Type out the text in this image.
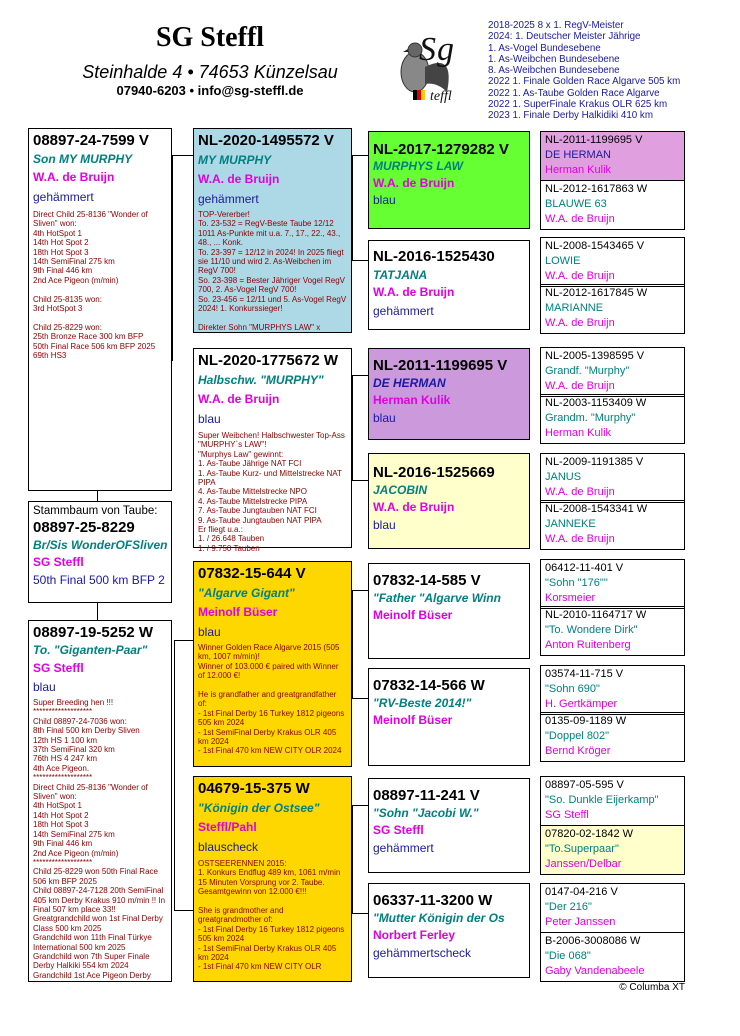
SG Steffl
Steinhalde 4 • 74653 Künzelsau
07940-6203 • info@sg-steffl.de
g
S
teffl
2018-2025 8 x 1. RegV-Meister
2024: 1. Deutscher Meister Jährige
1. As-Vogel Bundesebene
1. As-Weibchen Bundesebene
8. As-Weibchen Bundesebene
2022 1. Finale Golden Race Algarve 505 km
2022 1. As-Taube Golden Race Algarve
2022 1. SuperFinale Krakus OLR 625 km
2023 1. Finale Derby Halkidiki 410 km
08897-24-7599 V
Son MY MURPHY
W.A. de Bruijn
gehämmert
Direct Child 25-8136 "Wonder of Sliven" won:
4th HotSpot 1
14th Hot Spot 2
18th Hot Spot 3
14th SemiFinal 275 km
9th Final 446 km
2nd Ace Pigeon (m/min)

Child 25-8135 won:
3rd HotSpot 3

Child 25-8229 won:
25th Bronze Race 300 km BFP
50th Final Race 506 km BFP 2025
69th HS3
Stammbaum von Taube:
08897-25-8229
Br/Sis WonderOFSliven
SG Steffl
50th Final 500 km BFP 2
08897-19-5252 W
To. "Giganten-Paar"
SG Steffl
blau
Super Breeding hen !!!
*******************
Child 08897-24-7036 won:
8th Final 500 km Derby Sliven
12th HS 1 100 km
37th SemiFinal 320 km
76th HS 4 247 km
4th Ace Pigeon.
*******************
Direct Child 25-8136 "Wonder of Sliven" won:
4th HotSpot 1
14th Hot Spot 2
18th Hot Spot 3
14th SemiFinal 275 km
9th Final 446 km
2nd Ace Pigeon (m/min)
*******************
Child 25-8229 won 50th Final Race 506 km BFP 2025
Child 08897-24-7128 20th SemiFinal 405 km Derby Krakus 910 m/min !! In Final 507 km place 33!!
Greatgrandchild won 1st Final Derby Class 500 km 2025
Grandchild won 11th Final Türkye International 500 km 2025
Grandchild won 7th Super Finale Derby Halkiki 554 km 2024
Grandchild 1st Ace Pigeon Derby
NL-2020-1495572 V
MY MURPHY
W.A. de Bruijn
gehämmert
TOP-Vererber!
To. 23-532 = RegV-Beste Taube 12/12 1011 As-Punkte mit u.a. 7., 17., 22., 43., 48., ... Konk.
To. 23-397 = 12/12 in 2024! In 2025 fliegt sie 11/10 und wird 2. As-Weibchen im RegV 700!
So. 23-398 = Bester Jähriger Vogel RegV 700, 2. As-Vogel RegV 700!
So. 23-456 = 12/11 und 5. As-Vogel RegV 2024! 1. Konkurssieger!

Direkter Sohn "MURPHYS LAW" x
NL-2020-1775672 W
Halbschw. "MURPHY"
W.A. de Bruijn
blau
Super Weibchen! Halbschwester Top-Ass "MURPHY`s LAW"!
"Murphys Law" gewinnt:
1. As-Taube Jährige NAT FCI
1. As-Taube Kurz- und Mittelstrecke NAT PIPA
4. As-Taube Mittelstrecke NPO
4. As-Taube Mittelstrecke PIPA
7. As-Taube Jungtauben NAT FCI
9. As-Taube Jungtauben NAT PIPA
Er fliegt u.a.:
1. / 26.648 Tauben
1. / 9.750 Tauben
07832-15-644 V
"Algarve Gigant"
Meinolf Büser
blau
Winner Golden Race Algarve 2015 (505 km, 1007 m/min)!
Winner of 103.000 € paired with Winner of 12.000 €!

He is grandfather and greatgrandfather of:
- 1st Final Derby 16 Turkey 1812 pigeons 505 km 2024
- 1st SemiFinal Derby Krakus OLR 405 km 2024
- 1st Final 470 km NEW CITY OLR 2024
04679-15-375 W
"Königin der Ostsee"
Steffl/Pahl
blauscheck
OSTSEERENNEN 2015:
1. Konkurs Endflug 489 km, 1061 m/min 15 Minuten Vorsprung vor 2. Taube. Gesamtgewinn von 12.000 €!!!

She is grandmother and greatgrandmother of:
- 1st Final Derby 16 Turkey 1812 pigeons 505 km 2024
- 1st SemiFinal Derby Krakus OLR 405 km 2024
- 1st Final 470 km NEW CITY OLR
NL-2017-1279282 V
MURPHYS LAW
W.A. de Bruijn
blau
NL-2016-1525430
TATJANA
W.A. de Bruijn
gehämmert
NL-2011-1199695 V
DE HERMAN
Herman Kulik
blau
NL-2016-1525669
JACOBIN
W.A. de Bruijn
blau
07832-14-585 V
"Father "Algarve Winn
Meinolf Büser
07832-14-566 W
"RV-Beste 2014!"
Meinolf Büser
08897-11-241 V
"Sohn "Jacobi W."
SG Steffl
gehämmert
06337-11-3200 W
"Mutter Königin der Os
Norbert Ferley
gehämmertscheck
NL-2011-1199695 V
DE HERMAN
Herman Kulik
NL-2012-1617863 W
BLAUWE 63
W.A. de Bruijn
NL-2008-1543465 V
LOWIE
W.A. de Bruijn
NL-2012-1617845 W
MARIANNE
W.A. de Bruijn
NL-2005-1398595 V
Grandf. "Murphy"
W.A. de Bruijn
NL-2003-1153409 W
Grandm. "Murphy"
Herman Kulik
NL-2009-1191385 V
JANUS
W.A. de Bruijn
NL-2008-1543341 W
JANNEKE
W.A. de Bruijn
06412-11-401 V
"Sohn "176""
Korsmeier
NL-2010-1164717 W
"To. Wondere Dirk"
Anton Ruitenberg
03574-11-715 V
"Sohn 690"
H. Gertkämper
0135-09-1189 W
"Doppel 802"
Bernd Kröger
08897-05-595 V
"So. Dunkle Eijerkamp"
SG Steffl
07820-02-1842 W
"To.Superpaar"
Janssen/Delbar
0147-04-216 V
"Der 216"
Peter Janssen
B-2006-3008086 W
"Die 068"
Gaby Vandenabeele
© Columba XT
